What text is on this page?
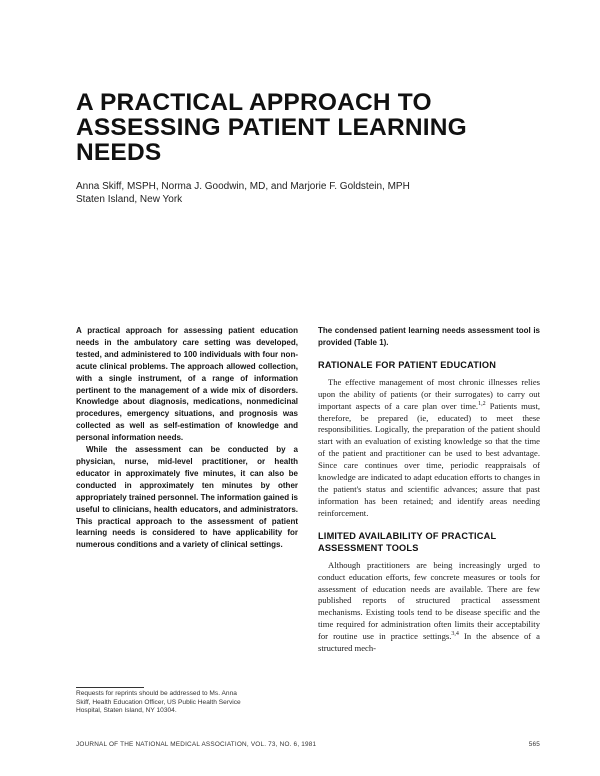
A PRACTICAL APPROACH TO
ASSESSING PATIENT LEARNING
NEEDS
Anna Skiff, MSPH, Norma J. Goodwin, MD, and Marjorie F. Goldstein, MPH
Staten Island, New York

A practical approach for assessing patient education needs in the ambulatory care setting was developed, tested, and administered to 100 individuals with four non-acute clinical problems. The approach allowed collection, with a single instrument, of a range of information pertinent to the management of a wide mix of disorders. Knowledge about diagnosis, medications, nonmedicinal procedures, emergency situations, and prognosis was collected as well as self-estimation of knowledge and personal information needs.

While the assessment can be conducted by a physician, nurse, mid-level practitioner, or health educator in approximately five minutes, it can also be conducted in approximately ten minutes by other appropriately trained personnel. The information gained is useful to clinicians, health educators, and administrators. This practical approach to the assessment of patient learning needs is considered to have applicability for numerous conditions and a variety of clinical settings.

The condensed patient learning needs assessment tool is provided (Table 1).

RATIONALE FOR PATIENT EDUCATION

The effective management of most chronic illnesses relies upon the ability of patients (or their surrogates) to carry out important aspects of a care plan over time.$^{1,2}$ Patients must, therefore, be prepared (ie, educated) to meet these responsibilities. Logically, the preparation of the patient should start with an evaluation of existing knowledge so that the time of the patient and practitioner can be used to best advantage. Since care continues over time, periodic reappraisals of knowledge are indicated to adapt education efforts to changes in the patient's status and scientific advances; assure that past information has been retained; and identify areas needing reinforcement.

LIMITED AVAILABILITY OF PRACTICAL
ASSESSMENT TOOLS

Although practitioners are being increasingly urged to conduct education efforts, few concrete measures or tools for assessment of education needs are available. There are few published reports of structured practical assessment mechanisms. Existing tools tend to be disease specific and the time required for administration often limits their acceptability for routine use in practice settings.$^{3,4}$ In the absence of a structured mech-

Requests for reprints should be addressed to Ms. Anna
Skiff, Health Education Officer, US Public Health Service
Hospital, Staten Island, NY 10304.
JOURNAL OF THE NATIONAL MEDICAL ASSOCIATION, VOL. 73, NO. 6, 1981	565
